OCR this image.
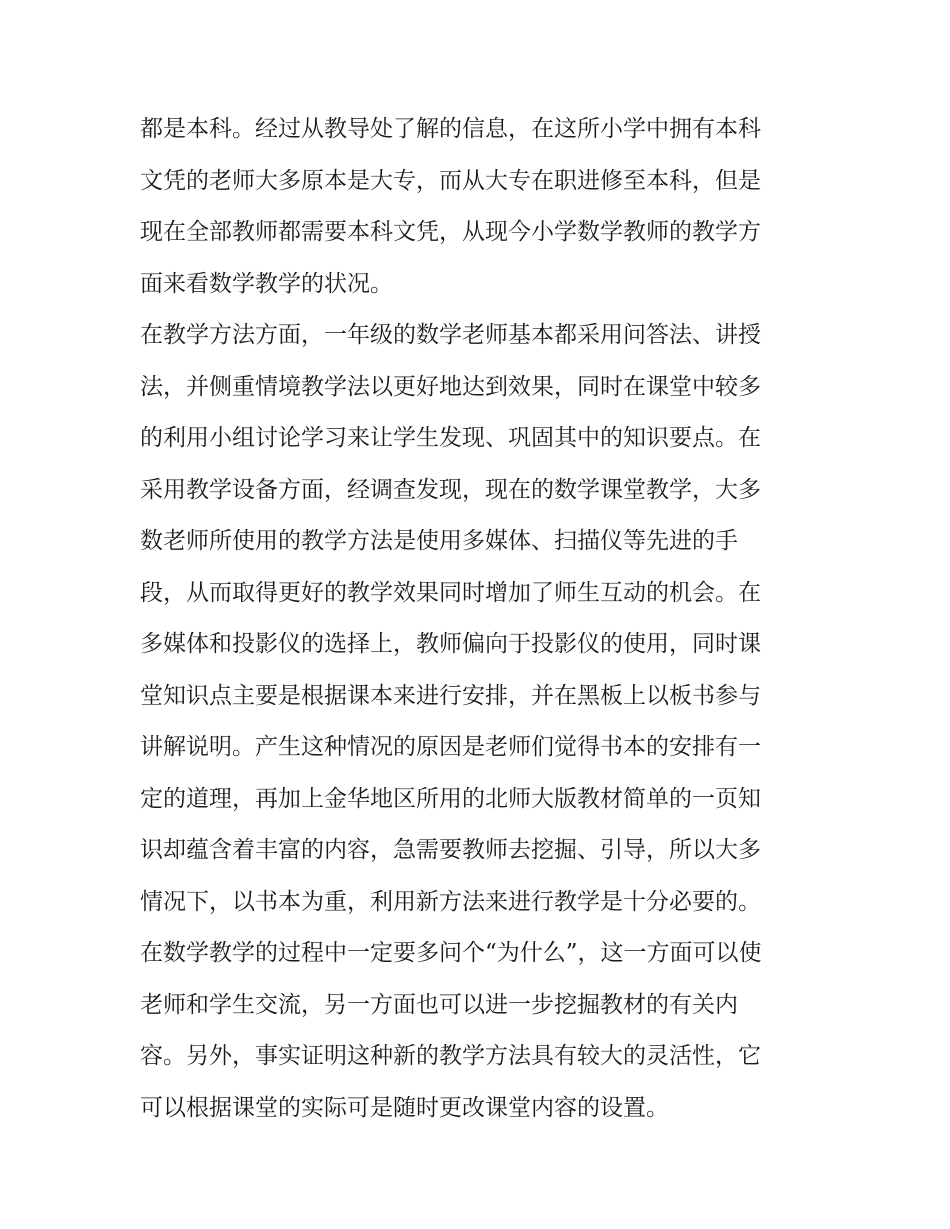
都是本科。经过从教导处了解的信息，在这所小学中拥有本科
文凭的老师大多原本是大专，而从大专在职进修至本科，但是
现在全部教师都需要本科文凭，从现今小学数学教师的教学方
面来看数学教学的状况。
在教学方法方面，一年级的数学老师基本都采用问答法、讲授
法，并侧重情境教学法以更好地达到效果，同时在课堂中较多
的利用小组讨论学习来让学生发现、巩固其中的知识要点。在
采用教学设备方面，经调查发现，现在的数学课堂教学，大多
数老师所使用的教学方法是使用多媒体、扫描仪等先进的手
段，从而取得更好的教学效果同时增加了师生互动的机会。在
多媒体和投影仪的选择上，教师偏向于投影仪的使用，同时课
堂知识点主要是根据课本来进行安排，并在黑板上以板书参与
讲解说明。产生这种情况的原因是老师们觉得书本的安排有一
定的道理，再加上金华地区所用的北师大版教材简单的一页知
识却蕴含着丰富的内容，急需要教师去挖掘、引导，所以大多
情况下，以书本为重，利用新方法来进行教学是十分必要的。
在数学教学的过程中一定要多问个“为什么”，这一方面可以使
老师和学生交流，另一方面也可以进一步挖掘教材的有关内
容。另外，事实证明这种新的教学方法具有较大的灵活性，它
可以根据课堂的实际可是随时更改课堂内容的设置。
